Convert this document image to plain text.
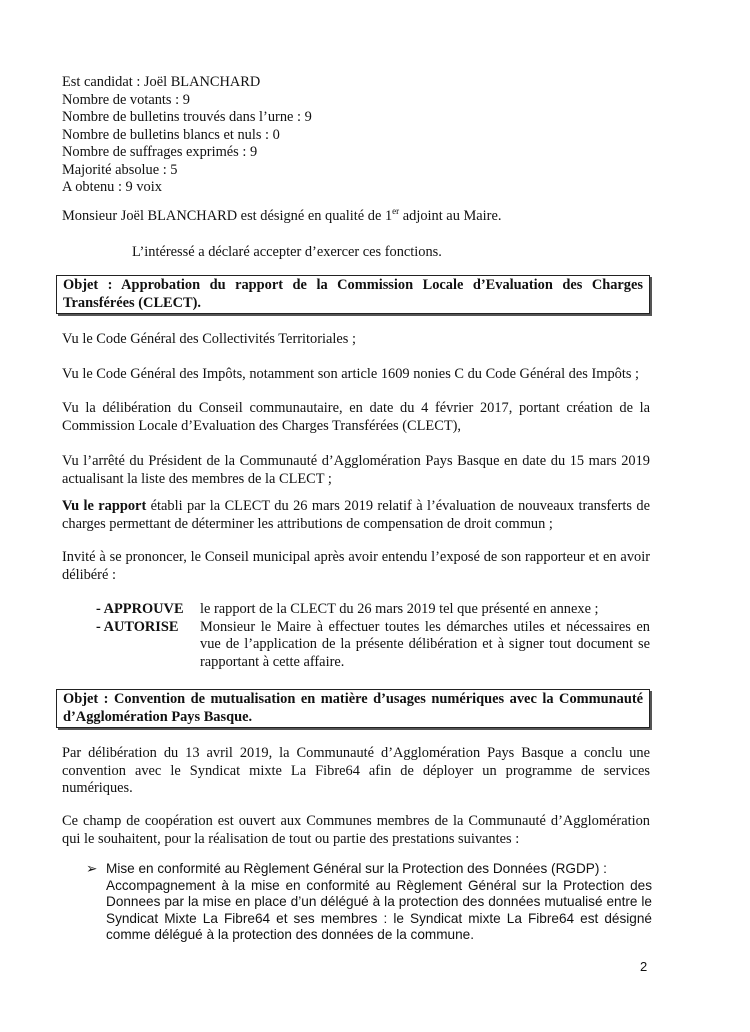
Est candidat : Joël BLANCHARD
Nombre de votants : 9
Nombre de bulletins trouvés dans l’urne : 9
Nombre de bulletins blancs et nuls : 0
Nombre de suffrages exprimés : 9
Majorité absolue : 5
A obtenu : 9 voix

Monsieur Joël BLANCHARD est désigné en qualité de 1er adjoint au Maire.

L’intéressé a déclaré accepter d’exercer ces fonctions.

Objet : Approbation du rapport de la Commission Locale d’Evaluation des Charges Transférées (CLECT).

Vu le Code Général des Collectivités Territoriales ;

Vu le Code Général des Impôts, notamment son article 1609 nonies C du Code Général des Impôts ;

Vu la délibération du Conseil communautaire, en date du 4 février 2017, portant création de la Commission Locale d’Evaluation des Charges Transférées (CLECT),

Vu l’arrêté du Président de la Communauté d’Agglomération Pays Basque en date du 15 mars 2019 actualisant la liste des membres de la CLECT ;

Vu le rapport établi par la CLECT du 26 mars 2019 relatif à l’évaluation de nouveaux transferts de charges permettant de déterminer les attributions de compensation de droit commun ;

Invité à se prononcer, le Conseil municipal après avoir entendu l’exposé de son rapporteur et en avoir délibéré :

- APPROUVE	le rapport de la CLECT du 26 mars 2019 tel que présenté en annexe ;
- AUTORISE	Monsieur le Maire à effectuer toutes les démarches utiles et nécessaires en vue de l’application de la présente délibération et à signer tout document se rapportant à cette affaire.
Objet : Convention de mutualisation en matière d’usages numériques avec la Communauté d’Agglomération Pays Basque.

Par délibération du 13 avril 2019, la Communauté d’Agglomération Pays Basque a conclu une convention avec le Syndicat mixte La Fibre64 afin de déployer un programme de services numériques.

Ce champ de coopération est ouvert aux Communes membres de la Communauté d’Agglomération qui le souhaitent, pour la réalisation de tout ou partie des prestations suivantes :

➢ Mise en conformité au Règlement Général sur la Protection des Données (RGDP) :
Accompagnement à la mise en conformité au Règlement Général sur la Protection des Donnees par la mise en place d’un délégué à la protection des données mutualisé entre le Syndicat Mixte La Fibre64 et ses membres : le Syndicat mixte La Fibre64 est désigné comme délégué à la protection des données de la commune.
2
